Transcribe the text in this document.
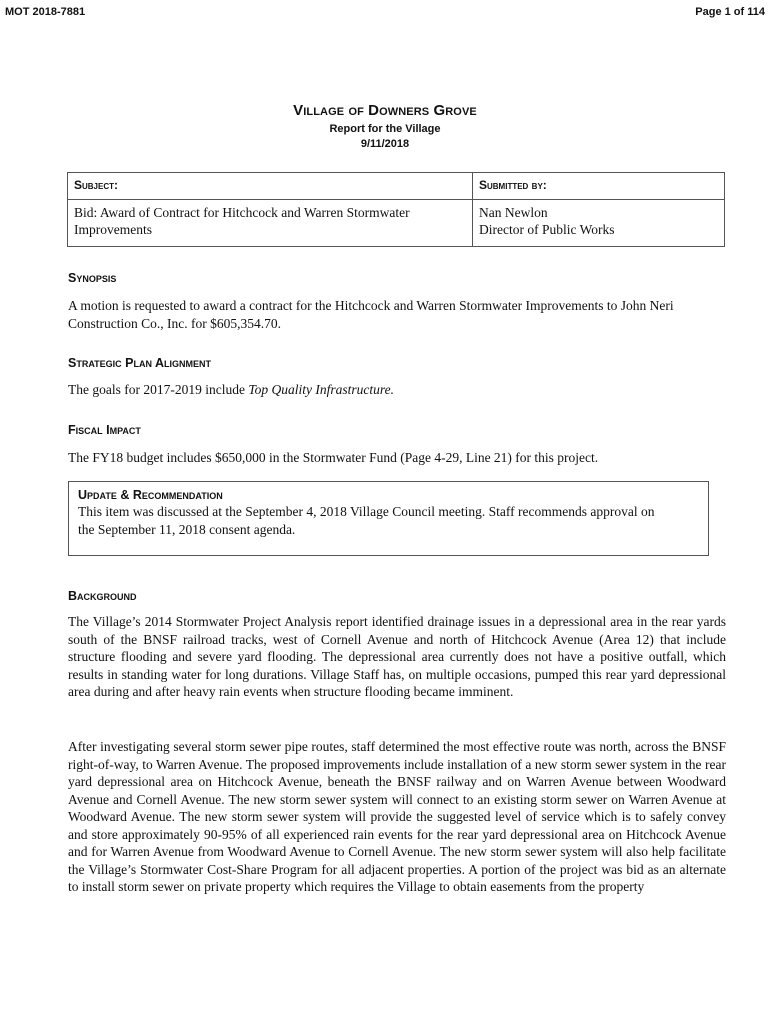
MOT 2018-7881	Page 1 of 114
Village of Downers Grove
Report for the Village
9/11/2018
Subject:	Submitted by:
Bid: Award of Contract for Hitchcock and Warren Stormwater Improvements	Nan Newlon
Director of Public Works
Synopsis
A motion is requested to award a contract for the Hitchcock and Warren Stormwater Improvements to John Neri Construction Co., Inc. for $605,354.70.
Strategic Plan Alignment
The goals for 2017-2019 include Top Quality Infrastructure.
Fiscal Impact
The FY18 budget includes $650,000 in the Stormwater Fund (Page 4-29, Line 21) for this project.
Update & Recommendation
This item was discussed at the September 4, 2018 Village Council meeting. Staff recommends approval on the September 11, 2018 consent agenda.
Background
The Village’s 2014 Stormwater Project Analysis report identified drainage issues in a depressional area in the rear yards south of the BNSF railroad tracks, west of Cornell Avenue and north of Hitchcock Avenue (Area 12) that include structure flooding and severe yard flooding. The depressional area currently does not have a positive outfall, which results in standing water for long durations. Village Staff has, on multiple occasions, pumped this rear yard depressional area during and after heavy rain events when structure flooding became imminent.
After investigating several storm sewer pipe routes, staff determined the most effective route was north, across the BNSF right-of-way, to Warren Avenue. The proposed improvements include installation of a new storm sewer system in the rear yard depressional area on Hitchcock Avenue, beneath the BNSF railway and on Warren Avenue between Woodward Avenue and Cornell Avenue. The new storm sewer system will connect to an existing storm sewer on Warren Avenue at Woodward Avenue. The new storm sewer system will provide the suggested level of service which is to safely convey and store approximately 90-95% of all experienced rain events for the rear yard depressional area on Hitchcock Avenue and for Warren Avenue from Woodward Avenue to Cornell Avenue. The new storm sewer system will also help facilitate the Village’s Stormwater Cost-Share Program for all adjacent properties. A portion of the project was bid as an alternate to install storm sewer on private property which requires the Village to obtain easements from the property
